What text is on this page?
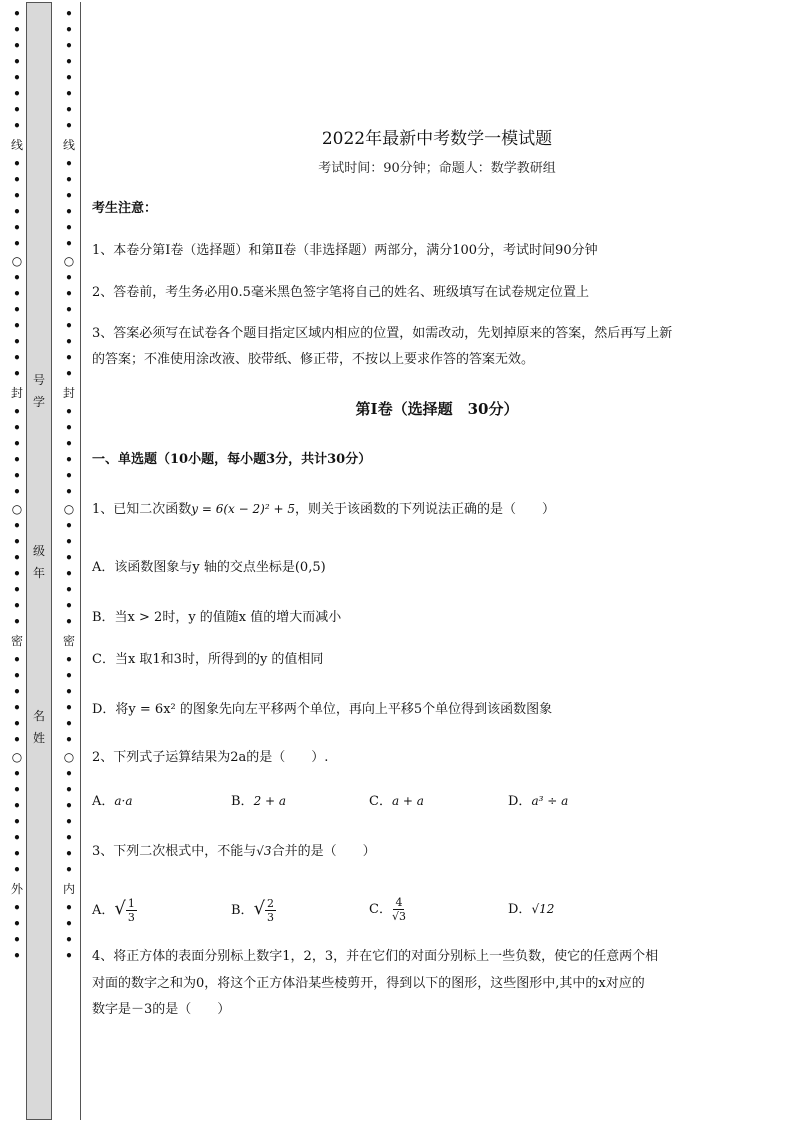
•
•
•
•
•
•
•
•
线
•
•
•
•
•
•
○
•
•
•
•
•
•
•
封
•
•
•
•
•
•
○
•
•
•
•
•
•
•
密
•
•
•
•
•
•
○
•
•
•
•
•
•
•
外
•
•
•
•
•
•
•
•
•
•
•
•
线
•
•
•
•
•
•
○
•
•
•
•
•
•
•
封
•
•
•
•
•
•
○
•
•
•
•
•
•
•
密
•
•
•
•
•
•
○
•
•
•
•
•
•
•
内
•
•
•
•
号
学
级
年
名
姓
2022年最新中考数学一模试题
考试时间：90分钟；命题人：数学教研组
考生注意：
1、本卷分第I卷（选择题）和第Ⅱ卷（非选择题）两部分，满分100分，考试时间90分钟
2、答卷前，考生务必用0.5毫米黑色签字笔将自己的姓名、班级填写在试卷规定位置上
3、答案必须写在试卷各个题目指定区域内相应的位置，如需改动，先划掉原来的答案，然后再写上新
的答案；不准使用涂改液、胶带纸、修正带，不按以上要求作答的答案无效。
第I卷（选择题　30分）
一、单选题（10小题，每小题3分，共计30分）
1、已知二次函数y = 6(x − 2)² + 5，则关于该函数的下列说法正确的是（　　）
A．该函数图象与y 轴的交点坐标是(0,5)
B．当x > 2时，y 的值随x 值的增大而减小
C．当x 取1和3时，所得到的y 的值相同
D．将y = 6x² 的图象先向左平移两个单位，再向上平移5个单位得到该函数图象
2、下列式子运算结果为2a的是（　　）.
A．a·a	B．2 + a	C．a + a	D．a³ ÷ a
3、下列二次根式中，不能与√3合并的是（　　）
A．√ $\frac{1}{3}$	B．√ $\frac{2}{3}$	C． $\frac{4}{√3}$	D．√12
4、将正方体的表面分别标上数字1，2，3，并在它们的对面分别标上一些负数，使它的任意两个相
对面的数字之和为0，将这个正方体沿某些棱剪开，得到以下的图形，这些图形中,其中的x对应的
数字是－3的是（　　）
